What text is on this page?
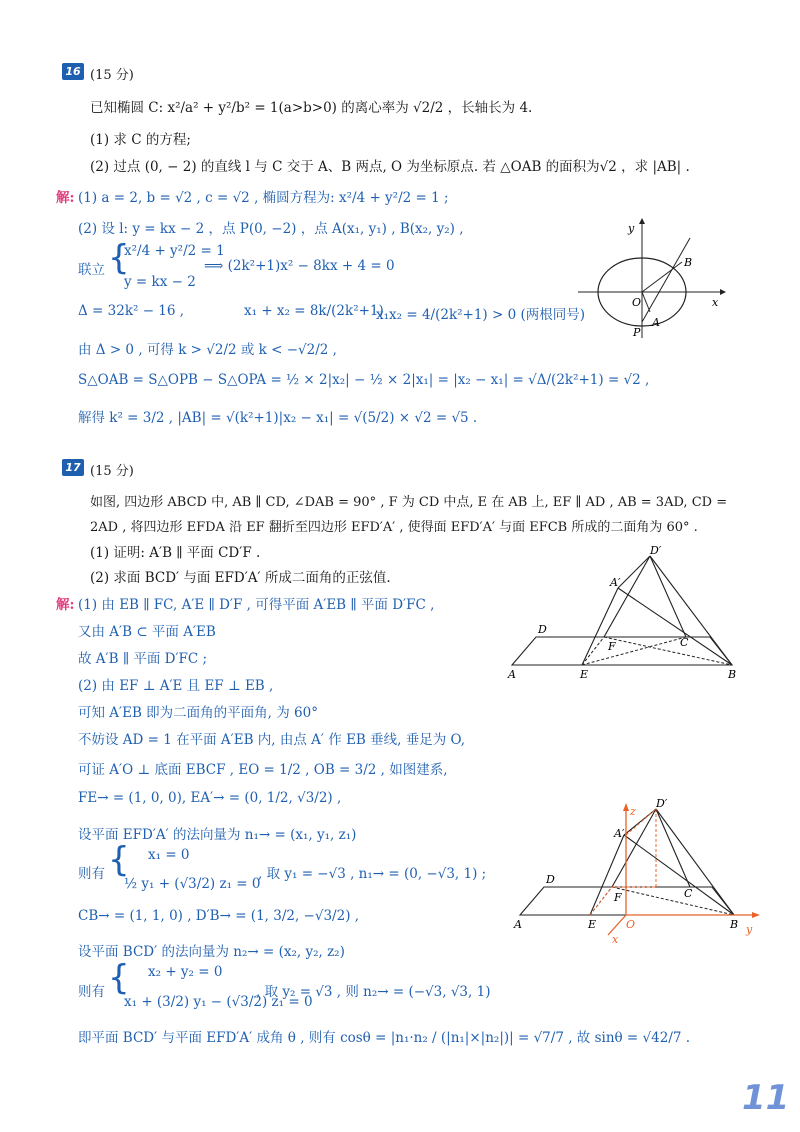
16 (15 分)
已知椭圆 C: x²/a² + y²/b² = 1(a>b>0) 的离心率为 √2/2 ，长轴长为 4.
(1) 求 C 的方程;
(2) 过点 (0, − 2) 的直线 l 与 C 交于 A、B 两点, O 为坐标原点. 若 △OAB 的面积为√2 ，求 |AB| .
解: (1) a = 2, b = √2 , c = √2 , 椭圆方程为: x²/4 + y²/2 = 1 ;
(2) 设 l: y = kx − 2 ，点 P(0, −2) ，点 A(x₁, y₁) , B(x₂, y₂) ,
联立 {
x²/4 + y²/2 = 1
y = kx − 2
⟹ (2k²+1)x² − 8kx + 4 = 0
Δ = 32k² − 16 ,	x₁ + x₂ = 8k/(2k²+1)
x₁x₂ = 4/(2k²+1) > 0 (两根同号)
由 Δ > 0 , 可得 k > √2/2 或 k < −√2/2 ,
S△OAB = S△OPB − S△OPA = ½ × 2|x₂| − ½ × 2|x₁| = |x₂ − x₁| = √Δ/(2k²+1) = √2 ,
解得 k² = 3/2 , |AB| = √(k²+1)|x₂ − x₁| = √(5/2) × √2 = √5 .
y
x
O
B
A
P
17 (15 分)
如图, 四边形 ABCD 中, AB ∥ CD, ∠DAB = 90° , F 为 CD 中点, E 在 AB 上, EF ∥ AD , AB = 3AD, CD =
2AD , 将四边形 EFDA 沿 EF 翻折至四边形 EFD′A′ , 使得面 EFD′A′ 与面 EFCB 所成的二面角为 60° .
(1) 证明: A′B ∥ 平面 CD′F .
(2) 求面 BCD′ 与面 EFD′A′ 所成二面角的正弦值.
解: (1) 由 EB ∥ FC, A′E ∥ D′F , 可得平面 A′EB ∥ 平面 D′FC ,
又由 A′B ⊂ 平面 A′EB
故 A′B ∥ 平面 D′FC ;
(2) 由 EF ⊥ A′E 且 EF ⊥ EB ,
可知 A′EB 即为二面角的平面角, 为 60°
不妨设 AD = 1 在平面 A′EB 内, 由点 A′ 作 EB 垂线, 垂足为 O,
可证 A′O ⊥ 底面 EBCF , EO = 1/2 , OB = 3/2 , 如图建系,
FE→ = (1, 0, 0), EA′→ = (0, 1/2, √3/2) ,
设平面 EFD′A′ 的法向量为 n₁→ = (x₁, y₁, z₁)
则有 { x₁ = 0
½ y₁ + (√3/2) z₁ = 0
, 取 y₁ = −√3 , n₁→ = (0, −√3, 1) ;
CB→ = (1, 1, 0) , D′B→ = (1, 3/2, −√3/2) ,
设平面 BCD′ 的法向量为 n₂→ = (x₂, y₂, z₂)
则有 { x₂ + y₂ = 0
x₁ + (3/2) y₁ − (√3/2) z₁ = 0
, 取 y₂ = √3 , 则 n₂→ = (−√3, √3, 1)
即平面 BCD′ 与平面 EFD′A′ 成角 θ , 则有 cosθ = |n₁·n₂ / (|n₁|×|n₂|)| = √7/7 , 故 sinθ = √42/7 .
D′
A′
D
F	C
A	E	B
z
D′
A′
D
F	C
A	E	O	B y
x
11
